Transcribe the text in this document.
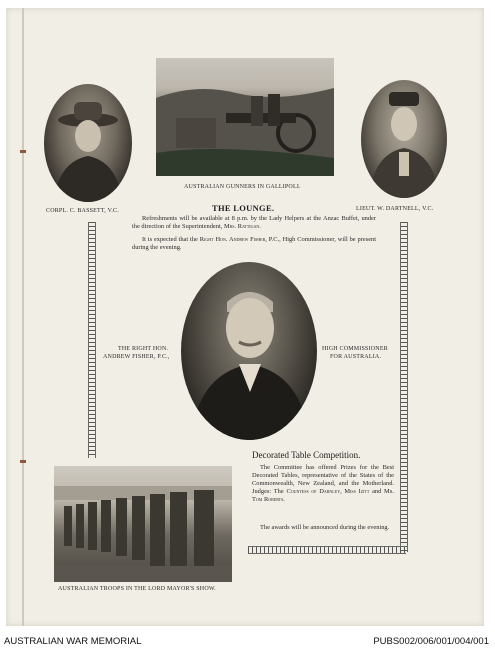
CORPL. C. BASSETT, V.C.
AUSTRALIAN GUNNERS IN GALLIPOLI.
LIEUT. W. DARTNELL, V.C.
THE LOUNGE.
Refreshments will be available at 8 p.m. by the Lady Helpers at the Anzac Buffet, under the direction of the Superintendent, Mrs. Rattigan.
It is expected that the Right Hon. Andrew Fisher, P.C., High Commissioner, will be present during the evening.
THE RIGHT HON.
ANDREW FISHER, P.C.,
HIGH COMMISSIONER
FOR AUSTRALIA.
Decorated Table Competition.
The Committee has offered Prizes for the Best Decorated Tables, representative of the States of the Commonwealth, New Zealand, and the Motherland. Judges: The Countess of Darnley, Miss Izitt and Mr. Tom Roberts.
The awards will be announced during the evening.
AUSTRALIAN TROOPS IN THE LORD MAYOR'S SHOW.
AUSTRALIAN WAR MEMORIAL	PUBS002/006/001/004/001
